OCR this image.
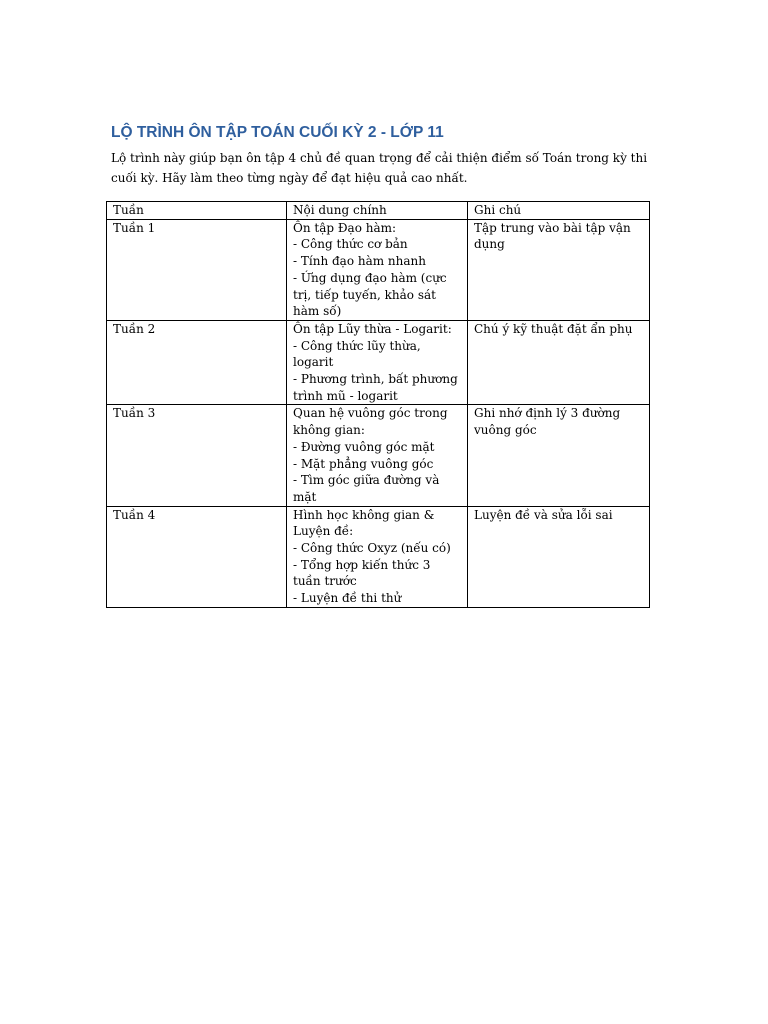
LỘ TRÌNH ÔN TẬP TOÁN CUỐI KỲ 2 - LỚP 11

Lộ trình này giúp bạn ôn tập 4 chủ đề quan trọng để cải thiện điểm số Toán trong kỳ thi cuối kỳ. Hãy làm theo từng ngày để đạt hiệu quả cao nhất.

Tuần	Nội dung chính	Ghi chú
Tuần 1	Ôn tập Đạo hàm:
- Công thức cơ bản
- Tính đạo hàm nhanh
- Ứng dụng đạo hàm (cực trị, tiếp tuyến, khảo sát hàm số)	Tập trung vào bài tập vận dụng
Tuần 2	Ôn tập Lũy thừa - Logarit:
- Công thức lũy thừa, logarit
- Phương trình, bất phương trình mũ - logarit	Chú ý kỹ thuật đặt ẩn phụ
Tuần 3	Quan hệ vuông góc trong không gian:
- Đường vuông góc mặt
- Mặt phẳng vuông góc
- Tìm góc giữa đường và mặt	Ghi nhớ định lý 3 đường vuông góc
Tuần 4	Hình học không gian & Luyện đề:
- Công thức Oxyz (nếu có)
- Tổng hợp kiến thức 3 tuần trước
- Luyện đề thi thử	Luyện đề và sửa lỗi sai
